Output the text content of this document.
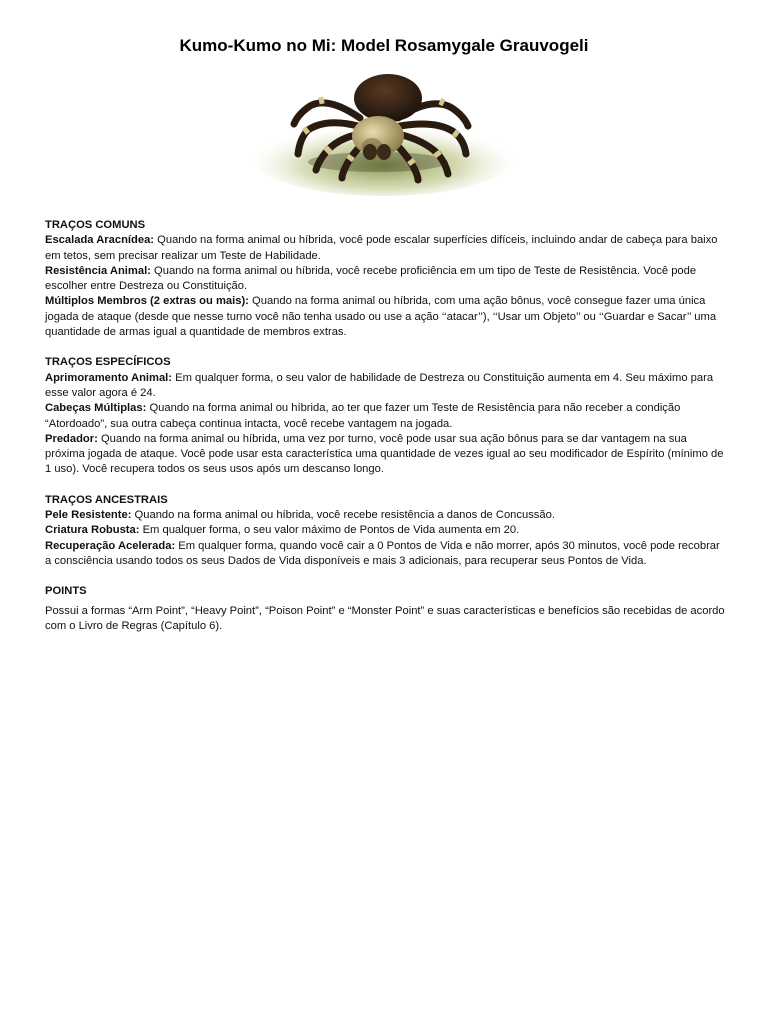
Kumo-Kumo no Mi: Model Rosamygale Grauvogeli

TRAÇOS COMUNS

Escalada Aracnídea: Quando na forma animal ou híbrida, você pode escalar superfícies difíceis, incluindo andar de cabeça para baixo em tetos, sem precisar realizar um Teste de Habilidade.

Resistência Animal: Quando na forma animal ou híbrida, você recebe proficiência em um tipo de Teste de Resistência. Você pode escolher entre Destreza ou Constituição.

Múltiplos Membros (2 extras ou mais): Quando na forma animal ou híbrida, com uma ação bônus, você consegue fazer uma única jogada de ataque (desde que nesse turno você não tenha usado ou use a ação ‘‘atacar’’), ‘‘Usar um Objeto’’ ou ‘‘Guardar e Sacar’’ uma quantidade de armas igual a quantidade de membros extras.

TRAÇOS ESPECÍFICOS

Aprimoramento Animal: Em qualquer forma, o seu valor de habilidade de Destreza ou Constituição aumenta em 4. Seu máximo para esse valor agora é 24.

Cabeças Múltiplas: Quando na forma animal ou híbrida, ao ter que fazer um Teste de Resistência para não receber a condição “Atordoado”, sua outra cabeça continua intacta, você recebe vantagem na jogada.

Predador: Quando na forma animal ou híbrida, uma vez por turno, você pode usar sua ação bônus para se dar vantagem na sua próxima jogada de ataque. Você pode usar esta característica uma quantidade de vezes igual ao seu modificador de Espírito (mínimo de 1 uso). Você recupera todos os seus usos após um descanso longo.

TRAÇOS ANCESTRAIS

Pele Resistente: Quando na forma animal ou híbrida, você recebe resistência a danos de Concussão.

Criatura Robusta: Em qualquer forma, o seu valor máximo de Pontos de Vida aumenta em 20.

Recuperação Acelerada: Em qualquer forma, quando você cair a 0 Pontos de Vida e não morrer, após 30 minutos, você pode recobrar a consciência usando todos os seus Dados de Vida disponíveis e mais 3 adicionais, para recuperar seus Pontos de Vida.

POINTS

Possui a formas “Arm Point”, “Heavy Point”, “Poison Point” e “Monster Point” e suas características e benefícios são recebidas de acordo com o Livro de Regras (Capítulo 6).
